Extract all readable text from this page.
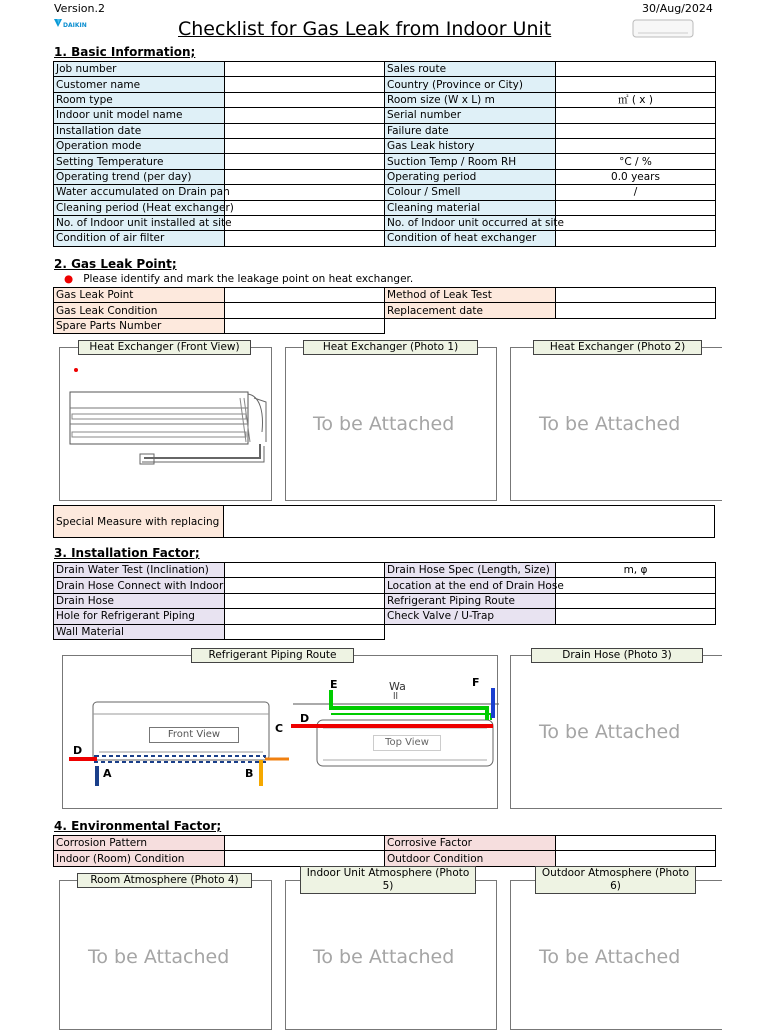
Version.2
DAIKIN
30/Aug/2024
Checklist for Gas Leak from Indoor Unit
1. Basic Information;
Job number		Sales route	
Customer name		Country (Province or City)	
Room type		Room size (W x L) m	㎡ ( x )
Indoor unit model name		Serial number	
Installation date		Failure date	
Operation mode		Gas Leak history	
Setting Temperature		Suction Temp / Room RH	°C / %
Operating trend (per day)		Operating period	0.0 years
Water accumulated on Drain pan		Colour / Smell	/
Cleaning period (Heat exchanger)		Cleaning material	
No. of Indoor unit installed at site		No. of Indoor unit occurred at site	
Condition of air filter		Condition of heat exchanger	
2. Gas Leak Point;
● Please identify and mark the leakage point on heat exchanger.
Gas Leak Point		Method of Leak Test	
Gas Leak Condition		Replacement date	
Spare Parts Number	
Heat Exchanger (Front View)	Heat Exchanger (Photo 1)
To be Attached
Heat Exchanger (Photo 2)
To be Attached
Special Measure with replacing
3. Installation Factor;
Drain Water Test (Inclination)		Drain Hose Spec (Length, Size)	m, φ
Drain Hose Connect with Indoor		Location at the end of Drain Hose	
Drain Hose		Refrigerant Piping Route	
Hole for Refrigerant Piping		Check Valve / U-Trap	
Wall Material	
Front View
Top View
Wa
ll
A	B
C
D
D
E	F
Refrigerant Piping Route	Drain Hose (Photo 3)
To be Attached
4. Environmental Factor;
Corrosion Pattern		Corrosive Factor	
Indoor (Room) Condition		Outdoor Condition	
Room Atmosphere (Photo 4)
To be Attached
Indoor Unit Atmosphere (Photo 5)
To be Attached
Outdoor Atmosphere (Photo 6)
To be Attached
